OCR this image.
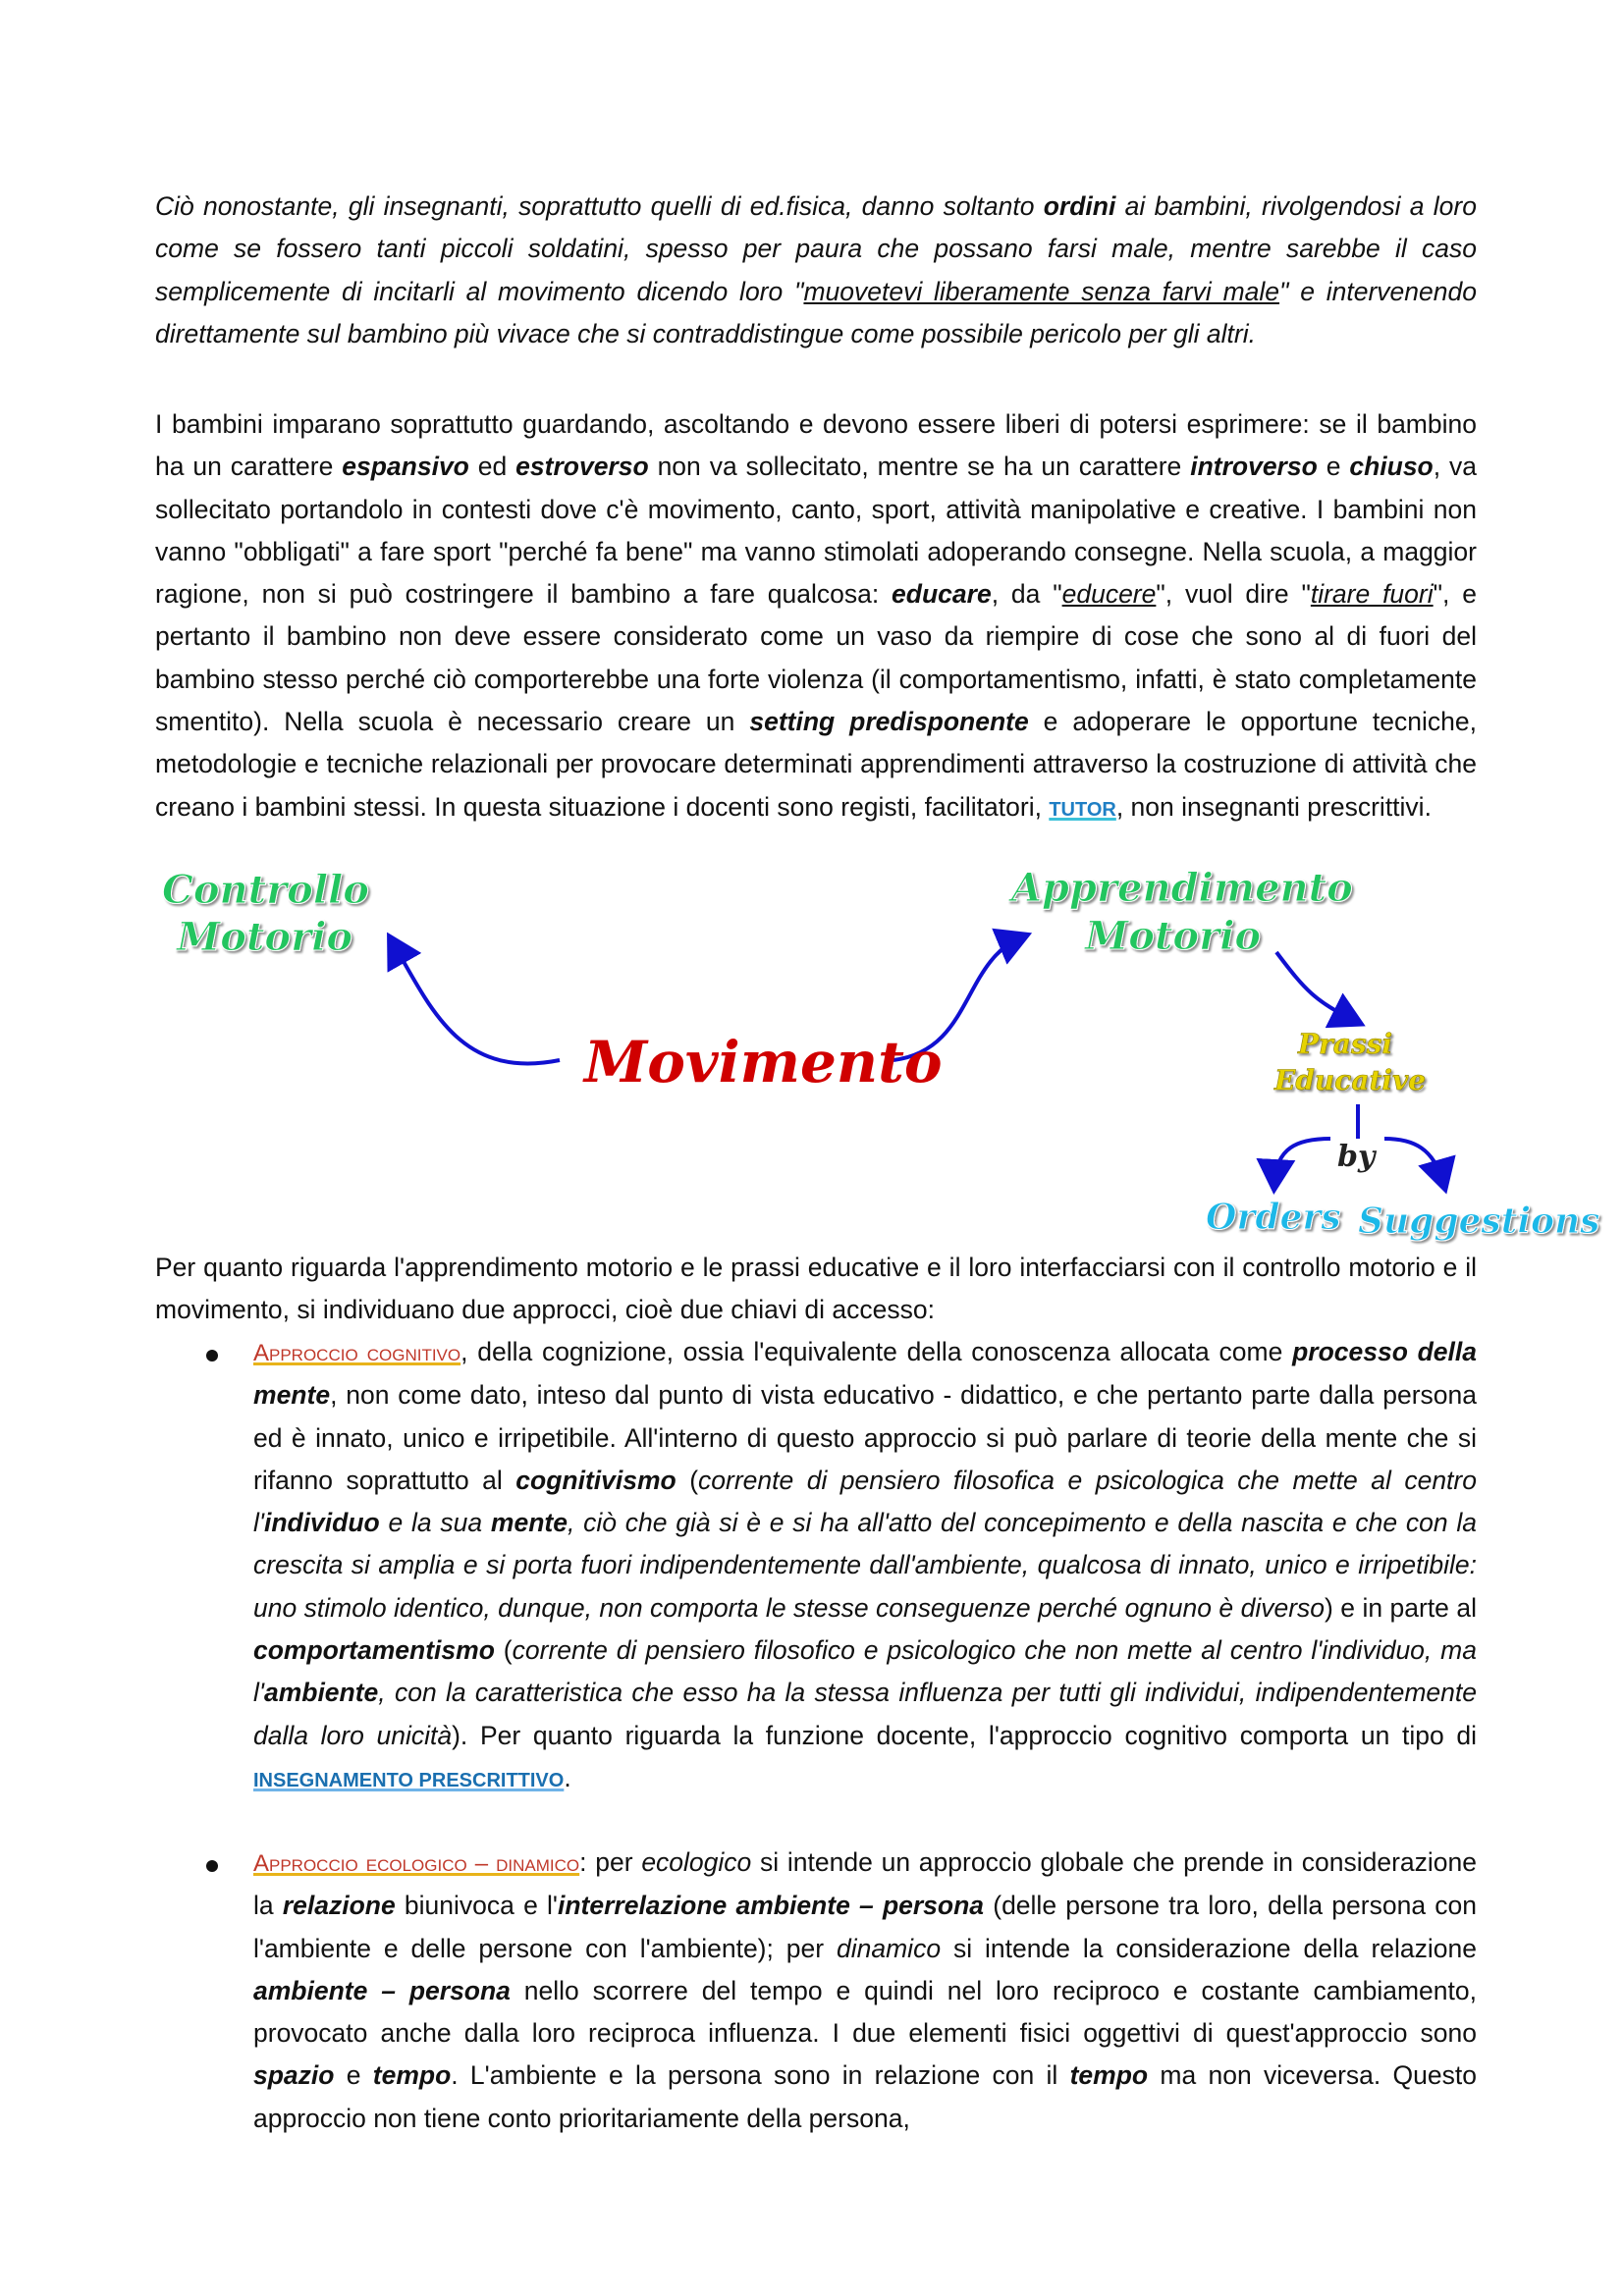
Ciò nonostante, gli insegnanti, soprattutto quelli di ed.fisica, danno soltanto ordini ai bambini, rivolgendosi a loro come se fossero tanti piccoli soldatini, spesso per paura che possano farsi male, mentre sarebbe il caso semplicemente di incitarli al movimento dicendo loro "muovetevi liberamente senza farvi male" e intervenendo direttamente sul bambino più vivace che si contraddistingue come possibile pericolo per gli altri.

I bambini imparano soprattutto guardando, ascoltando e devono essere liberi di potersi esprimere: se il bambino ha un carattere espansivo ed estroverso non va sollecitato, mentre se ha un carattere introverso e chiuso, va sollecitato portandolo in contesti dove c'è movimento, canto, sport, attività manipolative e creative. I bambini non vanno "obbligati" a fare sport "perché fa bene" ma vanno stimolati adoperando consegne. Nella scuola, a maggior ragione, non si può costringere il bambino a fare qualcosa: educare, da "educere", vuol dire "tirare fuori", e pertanto il bambino non deve essere considerato come un vaso da riempire di cose che sono al di fuori del bambino stesso perché ciò comporterebbe una forte violenza (il comportamentismo, infatti, è stato completamente smentito). Nella scuola è necessario creare un setting predisponente e adoperare le opportune tecniche, metodologie e tecniche relazionali per provocare determinati apprendimenti attraverso la costruzione di attività che creano i bambini stessi. In questa situazione i docenti sono registi, facilitatori, TUTOR, non insegnanti prescrittivi.

Controllo
Motorio
Apprendimento
Motorio
Movimento	Prassi
Educative
by
Orders Suggestions

Per quanto riguarda l'apprendimento motorio e le prassi educative e il loro interfacciarsi con il controllo motorio e il movimento, si individuano due approcci, cioè due chiavi di accesso:

Approccio cognitivo, della cognizione, ossia l'equivalente della conoscenza allocata come processo della mente, non come dato, inteso dal punto di vista educativo - didattico, e che pertanto parte dalla persona ed è innato, unico e irripetibile. All'interno di questo approccio si può parlare di teorie della mente che si rifanno soprattutto al cognitivismo (corrente di pensiero filosofica e psicologica che mette al centro l'individuo e la sua mente, ciò che già si è e si ha all'atto del concepimento e della nascita e che con la crescita si amplia e si porta fuori indipendentemente dall'ambiente, qualcosa di innato, unico e irripetibile: uno stimolo identico, dunque, non comporta le stesse conseguenze perché ognuno è diverso) e in parte al comportamentismo (corrente di pensiero filosofico e psicologico che non mette al centro l'individuo, ma l'ambiente, con la caratteristica che esso ha la stessa influenza per tutti gli individui, indipendentemente dalla loro unicità). Per quanto riguarda la funzione docente, l'approccio cognitivo comporta un tipo di INSEGNAMENTO PRESCRITTIVO.

Approccio ecologico – dinamico: per ecologico si intende un approccio globale che prende in considerazione la relazione biunivoca e l'interrelazione ambiente – persona (delle persone tra loro, della persona con l'ambiente e delle persone con l'ambiente); per dinamico si intende la considerazione della relazione ambiente – persona nello scorrere del tempo e quindi nel loro reciproco e costante cambiamento, provocato anche dalla loro reciproca influenza. I due elementi fisici oggettivi di quest'approccio sono spazio e tempo. L'ambiente e la persona sono in relazione con il tempo ma non viceversa. Questo approccio non tiene conto prioritariamente della persona,
